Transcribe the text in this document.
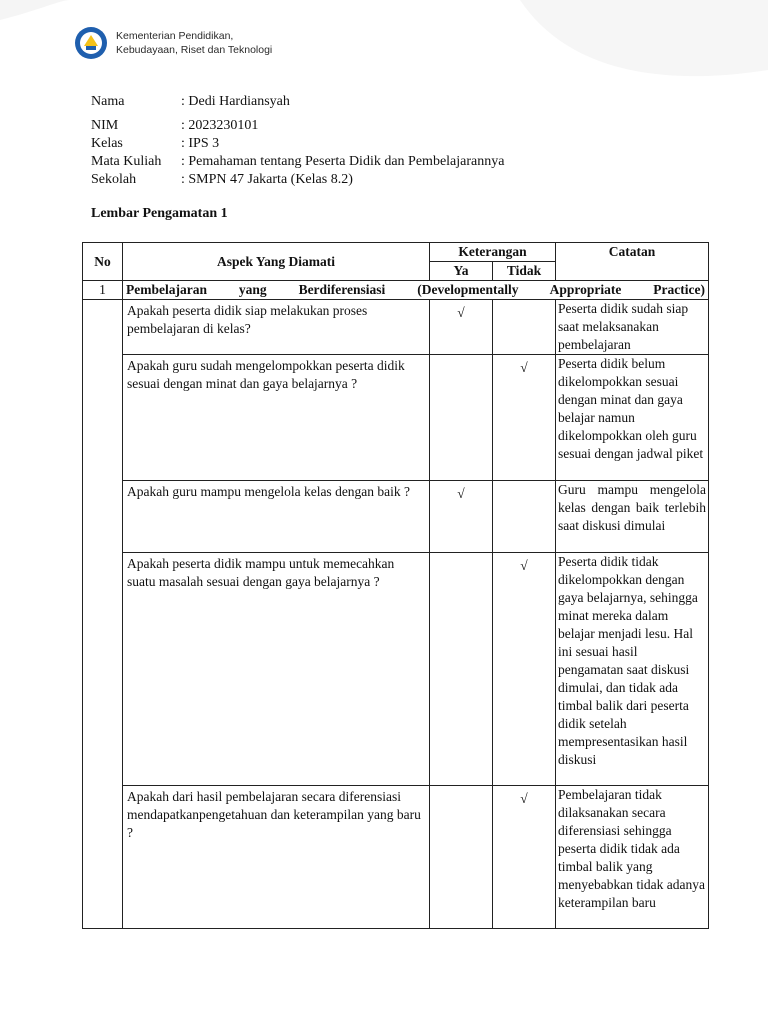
Kementerian Pendidikan,
Kebudayaan, Riset dan Teknologi
Nama	: Dedi Hardiansyah
NIM	: 2023230101
Kelas	: IPS 3
Mata Kuliah	: Pemahaman tentang Peserta Didik dan Pembelajarannya
Sekolah	: SMPN 47 Jakarta (Kelas 8.2)
Lembar Pengamatan 1
No	Aspek Yang Diamati	Keterangan		Catatan
		Ya	Tidak	
1	Pembelajaran yang Berdiferensiasi (Developmentally Appropriate Practice)			
	Apakah peserta didik siap melakukan proses pembelajaran di kelas?	√		Peserta didik sudah siap saat melaksanakan pembelajaran
	Apakah guru sudah mengelompokkan peserta didik sesuai dengan minat dan gaya belajarnya ?		√	Peserta didik belum dikelompokkan sesuai dengan minat dan gaya belajar namun dikelompokkan oleh guru sesuai dengan jadwal piket
	Apakah guru mampu mengelola kelas dengan baik ?	√		Guru mampu mengelola kelas dengan baik terlebih saat diskusi dimulai
	Apakah peserta didik mampu untuk memecahkan suatu masalah sesuai dengan gaya belajarnya ?		√	Peserta didik tidak dikelompokkan dengan gaya belajarnya, sehingga minat mereka dalam belajar menjadi lesu. Hal ini sesuai hasil pengamatan saat diskusi dimulai, dan tidak ada timbal balik dari peserta didik setelah mempresentasikan hasil diskusi
	Apakah dari hasil pembelajaran secara diferensiasi mendapatkanpengetahuan dan keterampilan yang baru ?		√	Pembelajaran tidak dilaksanakan secara diferensiasi sehingga peserta didik tidak ada timbal balik yang menyebabkan tidak adanya keterampilan baru
